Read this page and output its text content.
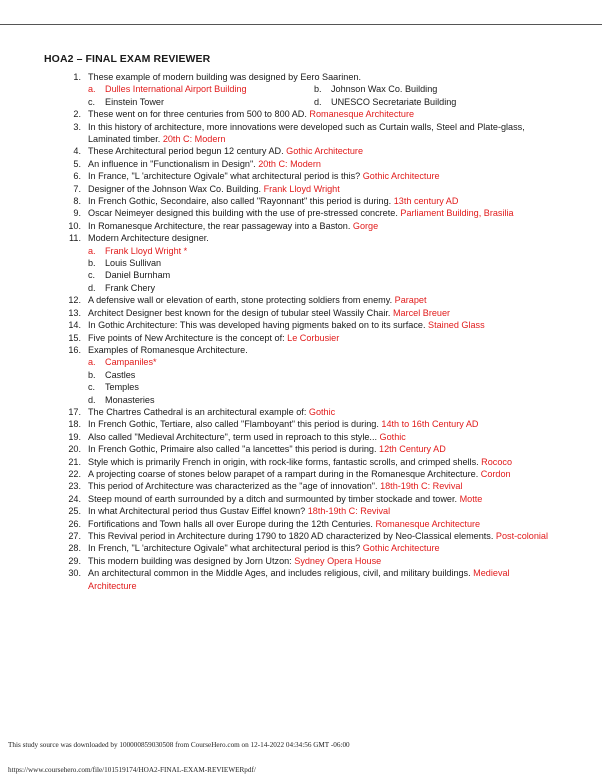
HOA2 – FINAL EXAM REVIEWER
1. These example of modern building was designed by Eero Saarinen.
a. Dulles International Airport Building	b. Johnson Wax Co. Building
c. Einstein Tower	d. UNESCO Secretariate Building
2. These went on for three centuries from 500 to 800 AD. Romanesque Architecture
3. In this history of architecture, more innovations were developed such as Curtain walls, Steel and Plate-glass, Laminated timber. 20th C: Modern
4. These Architectural period begun 12 century AD. Gothic Architecture
5. An influence in "Functionalism in Design". 20th C: Modern
6. In France, "L 'architecture Ogivale" what architectural period is this? Gothic Architecture
7. Designer of the Johnson Wax Co. Building. Frank Lloyd Wright
8. In French Gothic, Secondaire, also called "Rayonnant" this period is during. 13th century AD
9. Oscar Neimeyer designed this building with the use of pre-stressed concrete. Parliament Building, Brasilia
10. In Romanesque Architecture, the rear passageway into a Baston. Gorge
11. Modern Architecture designer.
a. Frank Lloyd Wright *
b. Louis Sullivan
c. Daniel Burnham
d. Frank Chery
12. A defensive wall or elevation of earth, stone protecting soldiers from enemy. Parapet
13. Architect Designer best known for the design of tubular steel Wassily Chair. Marcel Breuer
14. In Gothic Architecture: This was developed having pigments baked on to its surface. Stained Glass
15. Five points of New Architecture is the concept of: Le Corbusier
16. Examples of Romanesque Architecture.
a. Campaniles*
b. Castles
c. Temples
d. Monasteries
17. The Chartres Cathedral is an architectural example of: Gothic
18. In French Gothic, Tertiare, also called "Flamboyant" this period is during. 14th to 16th Century AD
19. Also called "Medieval Architecture", term used in reproach to this style... Gothic
20. In French Gothic, Primaire also called "a lancettes" this period is during. 12th Century AD
21. Style which is primarily French in origin, with rock-like forms, fantastic scrolls, and crimped shells. Rococo
22. A projecting coarse of stones below parapet of a rampart during in the Romanesque Architecture. Cordon
23. This period of Architecture was characterized as the "age of innovation". 18th-19th C: Revival
24. Steep mound of earth surrounded by a ditch and surmounted by timber stockade and tower. Motte
25. In what Architectural period thus Gustav Eiffel known? 18th-19th C: Revival
26. Fortifications and Town halls all over Europe during the 12th Centuries. Romanesque Architecture
27. This Revival period in Architecture during 1790 to 1820 AD characterized by Neo-Classical elements. Post-colonial
28. In French, "L 'architecture Ogivale" what architectural period is this? Gothic Architecture
29. This modern building was designed by Jorn Utzon: Sydney Opera House
30. An architectural common in the Middle Ages, and includes religious, civil, and military buildings. Medieval Architecture
This study source was downloaded by 100000859030508 from CourseHero.com on 12-14-2022 04:34:56 GMT -06:00
https://www.coursehero.com/file/101519174/HOA2-FINAL-EXAM-REVIEWERpdf/
